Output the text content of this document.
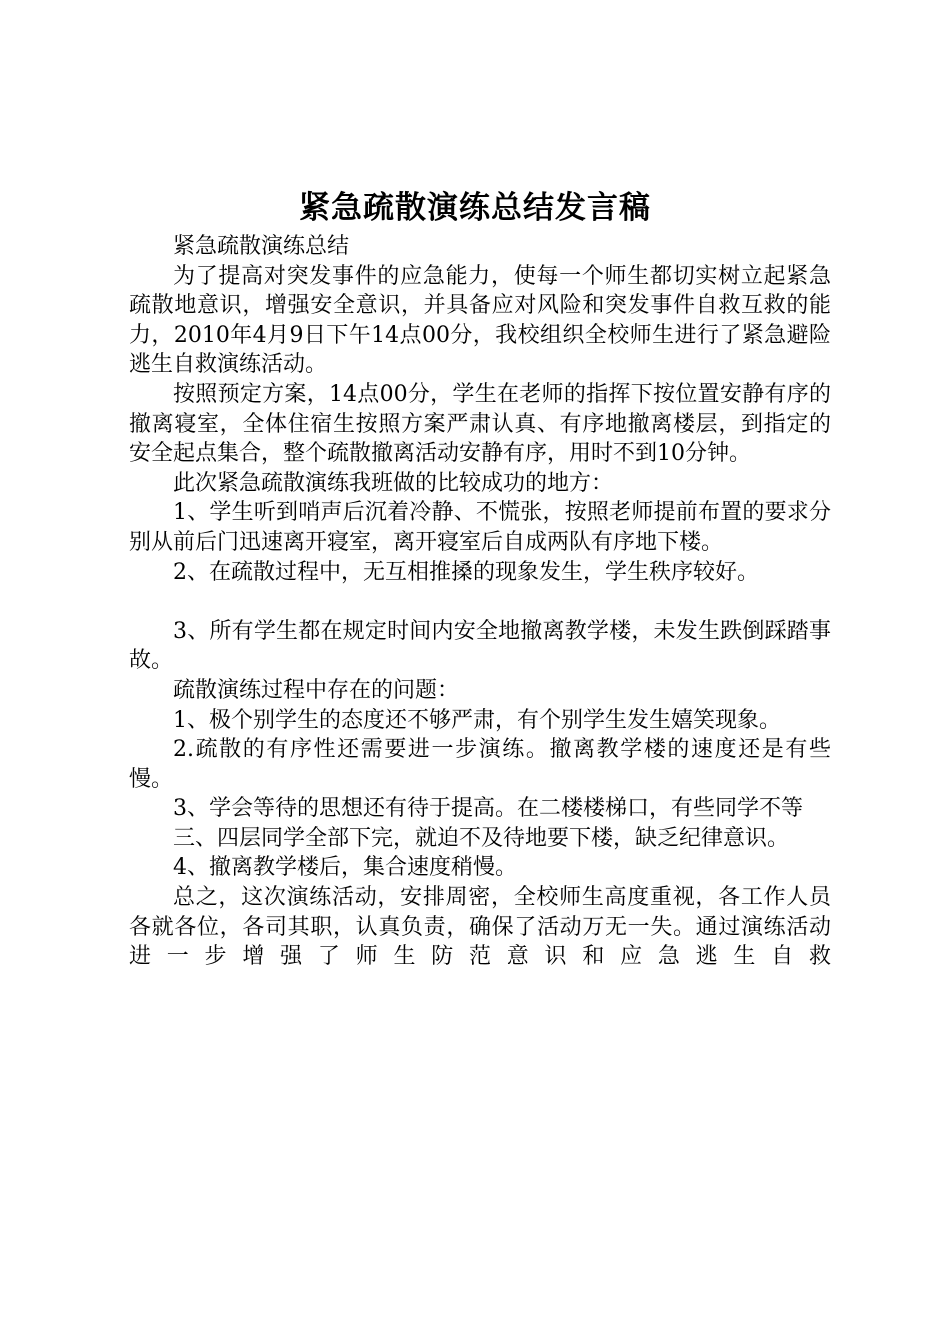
紧急疏散演练总结发言稿

紧急疏散演练总结

为了提高对突发事件的应急能力，使每一个师生都切实树立起紧急疏散地意识，增强安全意识，并具备应对风险和突发事件自救互救的能力，2010年4月9日下午14点00分，我校组织全校师生进行了紧急避险逃生自救演练活动。

按照预定方案，14点00分，学生在老师的指挥下按位置安静有序的撤离寝室，全体住宿生按照方案严肃认真、有序地撤离楼层，到指定的安全起点集合，整个疏散撤离活动安静有序，用时不到10分钟。

此次紧急疏散演练我班做的比较成功的地方：

1、学生听到哨声后沉着冷静、不慌张，按照老师提前布置的要求分别从前后门迅速离开寝室，离开寝室后自成两队有序地下楼。

2、在疏散过程中，无互相推搡的现象发生，学生秩序较好。

3、所有学生都在规定时间内安全地撤离教学楼，未发生跌倒踩踏事故。

疏散演练过程中存在的问题：

1、极个别学生的态度还不够严肃，有个别学生发生嬉笑现象。

2.疏散的有序性还需要进一步演练。撤离教学楼的速度还是有些慢。

3、学会等待的思想还有待于提高。在二楼楼梯口，有些同学不等

三、四层同学全部下完，就迫不及待地要下楼，缺乏纪律意识。

4、撤离教学楼后，集合速度稍慢。

总之，这次演练活动，安排周密，全校师生高度重视，各工作人员各就各位，各司其职，认真负责，确保了活动万无一失。通过演练活动进一步增强了师生防范意识和应急逃生自救
